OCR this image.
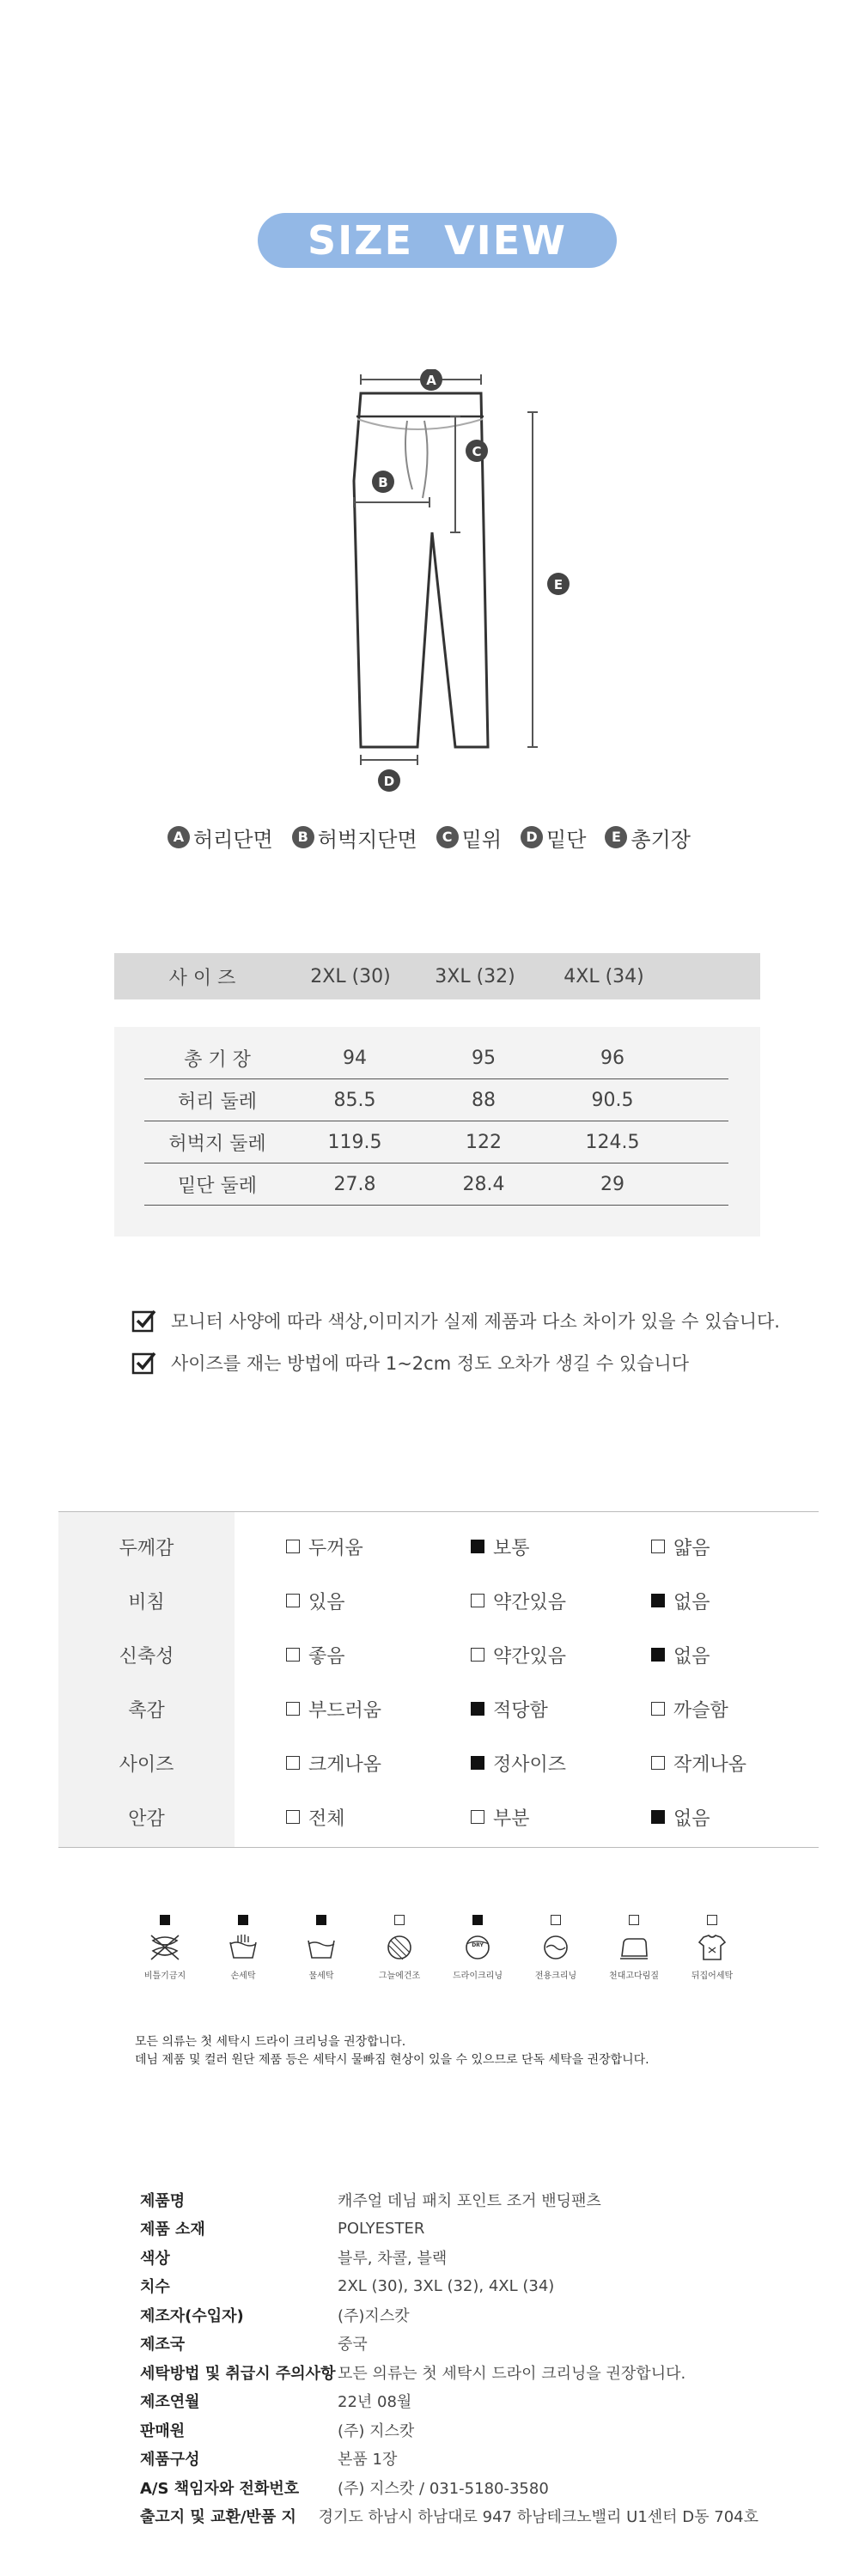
SIZE VIEW
A
B
C
D
E
A 허리단면	B 허벅지단면	C 밑위	D 밑단	E 총기장
사 이 즈	2XL (30)	3XL (32)	4XL (34)
총 기 장	94	95	96
허리 둘레	85.5	88	90.5
허벅지 둘레	119.5	122	124.5
밑단 둘레	27.8	28.4	29
모니터 사양에 따라 색상,이미지가 실제 제품과 다소 차이가 있을 수 있습니다.
사이즈를 재는 방법에 따라 1~2cm 정도 오차가 생길 수 있습니다
두께감	두꺼움	보통	얇음
비침	있음	약간있음	없음
신축성	좋음	약간있음	없음
촉감	부드러움	적당함	까슬함
사이즈	크게나옴	정사이즈	작게나옴
안감	전체	부분	없음
비틀기금지	손세탁	물세탁	그늘에건조
DRY
드라이크리닝	전용크리닝	천대고다림질	뒤집어세탁
모든 의류는 첫 세탁시 드라이 크리닝을 권장합니다.
데님 제품 및 컬러 원단 제품 등은 세탁시 물빠짐 현상이 있을 수 있으므로 단독 세탁을 권장합니다.
제품명	캐주얼 데님 패치 포인트 조거 밴딩팬츠
제품 소재	POLYESTER
색상	블루, 차콜, 블랙
치수	2XL (30), 3XL (32), 4XL (34)
제조자(수입자)	(주)지스캇
제조국	중국
세탁방법 및 취급시 주의사항 모든 의류는 첫 세탁시 드라이 크리닝을 권장합니다.
제조연월	22년 08월
판매원	(주) 지스캇
제품구성	본품 1장
A/S 책임자와 전화번호	(주) 지스캇 / 031-5180-3580
출고지 및 교환/반품 지	경기도 하남시 하남대로 947 하남테크노밸리 U1센터 D동 704호
